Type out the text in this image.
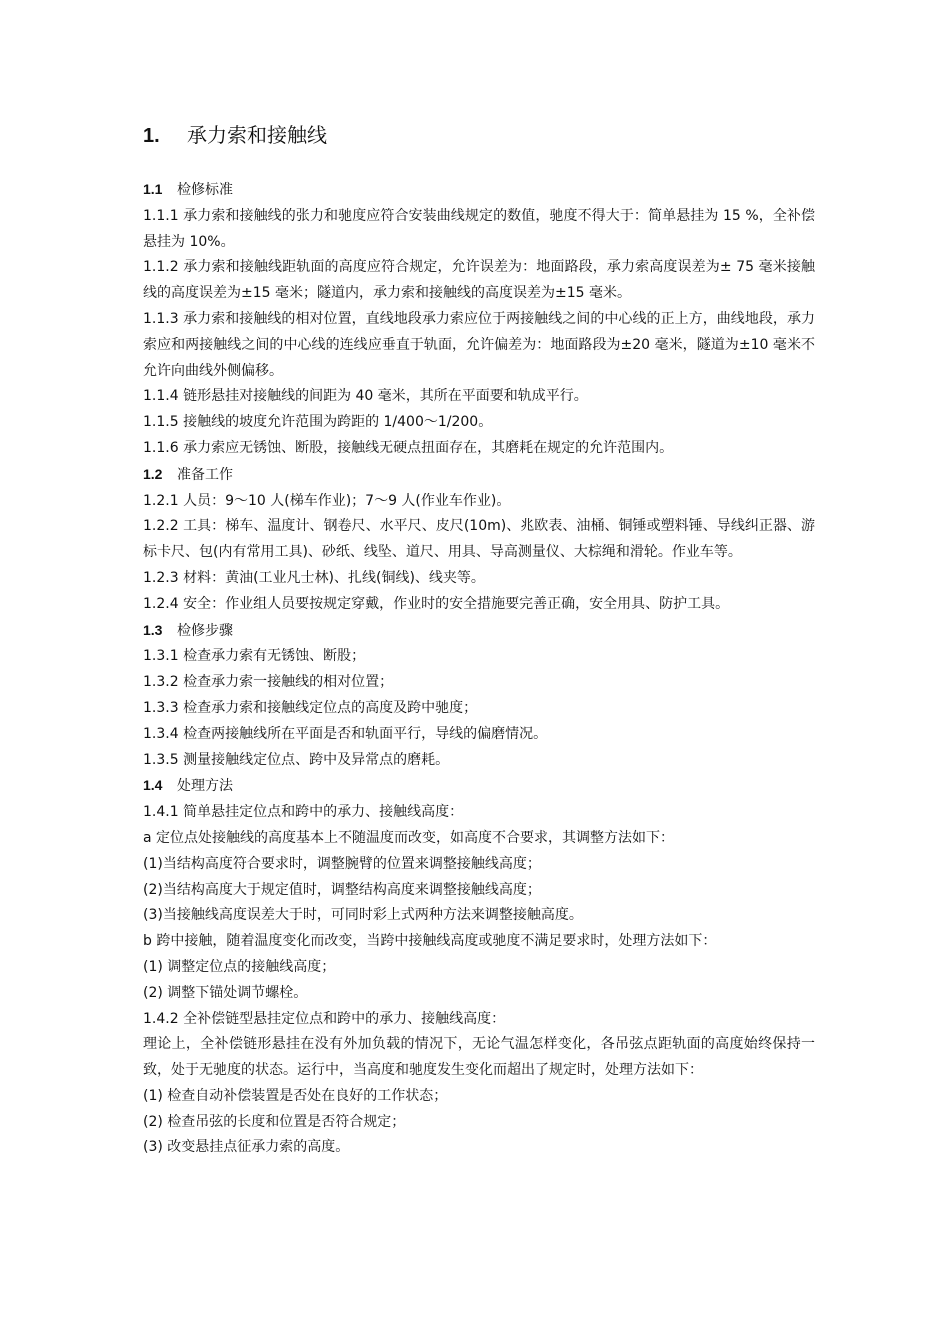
1. 承力索和接触线

1.1 检修标准

1.1.1 承力索和接触线的张力和驰度应符合安装曲线规定的数值，驰度不得大于：简单悬挂为 15 %，全补偿悬挂为 10%。

1.1.2 承力索和接触线距轨面的高度应符合规定，允许误差为：地面路段，承力索高度误差为± 75 毫米接触线的高度误差为±15 毫米；隧道内，承力索和接触线的高度误差为±15 毫米。

1.1.3 承力索和接触线的相对位置，直线地段承力索应位于两接触线之间的中心线的正上方，曲线地段，承力索应和两接触线之间的中心线的连线应垂直于轨面，允许偏差为：地面路段为±20 毫米，隧道为±10 毫米不允许向曲线外侧偏移。

1.1.4 链形悬挂对接触线的间距为 40 毫米，其所在平面要和轨成平行。

1.1.5 接触线的坡度允许范围为跨距的 1/400～1/200。

1.1.6 承力索应无锈蚀、断股，接触线无硬点扭面存在，其磨耗在规定的允许范围内。

1.2 准备工作

1.2.1 人员：9～10 人(梯车作业)；7～9 人(作业车作业)。

1.2.2 工具：梯车、温度计、钢卷尺、水平尺、皮尺(10m)、兆欧表、油桶、铜锤或塑料锤、导线纠正器、游标卡尺、包(内有常用工具)、砂纸、线坠、道尺、用具、导高测量仪、大棕绳和滑轮。作业车等。

1.2.3 材料：黄油(工业凡士林)、扎线(铜线)、线夹等。

1.2.4 安全：作业组人员要按规定穿戴，作业时的安全措施要完善正确，安全用具、防护工具。

1.3 检修步骤

1.3.1 检查承力索有无锈蚀、断股；

1.3.2 检查承力索一接触线的相对位置；

1.3.3 检查承力索和接触线定位点的高度及跨中驰度；

1.3.4 检查两接触线所在平面是否和轨面平行，导线的偏磨情况。

1.3.5 测量接触线定位点、跨中及异常点的磨耗。

1.4 处理方法

1.4.1 简单悬挂定位点和跨中的承力、接触线高度：

a 定位点处接触线的高度基本上不随温度而改变，如高度不合要求，其调整方法如下：

(1)当结构高度符合要求时，调整腕臂的位置来调整接触线高度；

(2)当结构高度大于规定值时，调整结构高度来调整接触线高度；

(3)当接触线高度误差大于时，可同时彩上式两种方法来调整接触高度。

b 跨中接触，随着温度变化而改变，当跨中接触线高度或驰度不满足要求时，处理方法如下：

(1) 调整定位点的接触线高度；

(2) 调整下锚处调节螺栓。

1.4.2 全补偿链型悬挂定位点和跨中的承力、接触线高度：

理论上，全补偿链形悬挂在没有外加负载的情况下，无论气温怎样变化，各吊弦点距轨面的高度始终保持一致，处于无驰度的状态。运行中，当高度和驰度发生变化而超出了规定时，处理方法如下：

(1) 检查自动补偿装置是否处在良好的工作状态；

(2) 检查吊弦的长度和位置是否符合规定；

(3) 改变悬挂点征承力索的高度。
